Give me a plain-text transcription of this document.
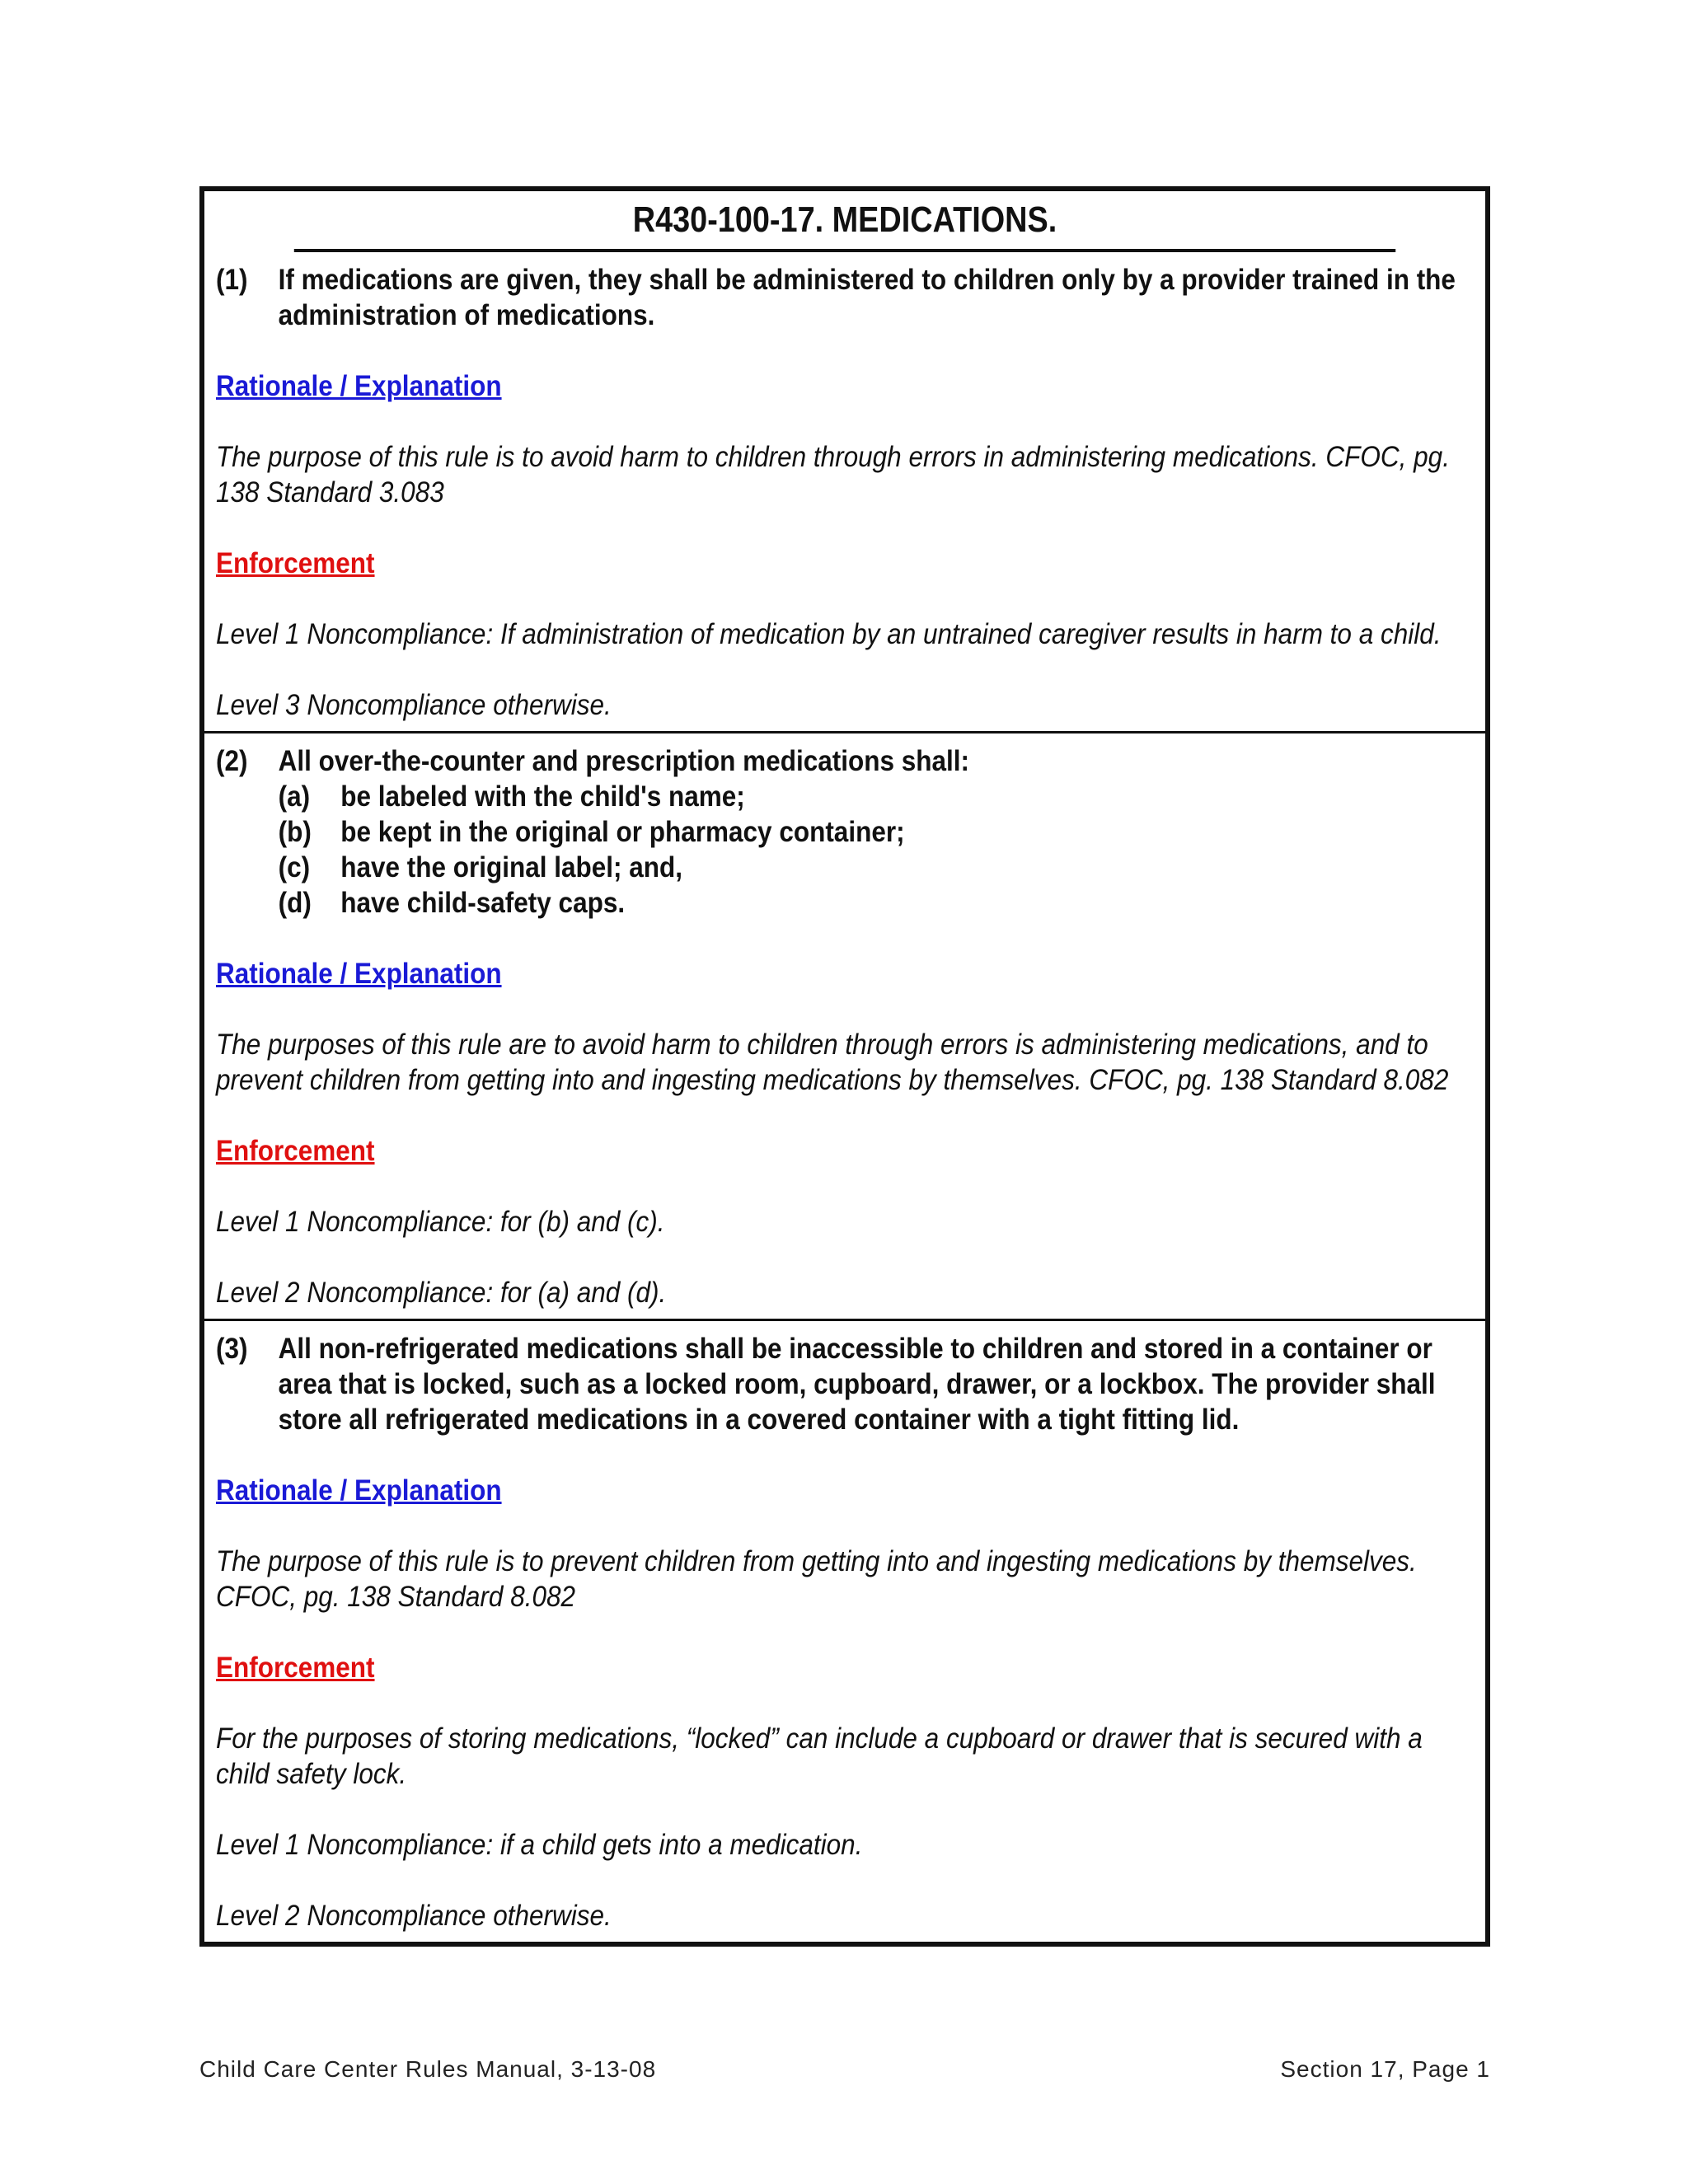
R430-100-17. MEDICATIONS.
(1)	If medications are given, they shall be administered to children only by a provider trained in the administration of medications.
Rationale / Explanation
The purpose of this rule is to avoid harm to children through errors in administering medications. CFOC, pg. 138 Standard 3.083
Enforcement
Level 1 Noncompliance: If administration of medication by an untrained caregiver results in harm to a child.
Level 3 Noncompliance otherwise.
(2)	All over-the-counter and prescription medications shall:
(a)	be labeled with the child's name;
(b)	be kept in the original or pharmacy container;
(c)	have the original label; and,
(d)	have child-safety caps.
Rationale / Explanation
The purposes of this rule are to avoid harm to children through errors is administering medications, and to prevent children from getting into and ingesting medications by themselves. CFOC, pg. 138 Standard 8.082
Enforcement
Level 1 Noncompliance: for (b) and (c).
Level 2 Noncompliance: for (a) and (d).
(3)	All non-refrigerated medications shall be inaccessible to children and stored in a container or area that is locked, such as a locked room, cupboard, drawer, or a lockbox. The provider shall store all refrigerated medications in a covered container with a tight fitting lid.
Rationale / Explanation
The purpose of this rule is to prevent children from getting into and ingesting medications by themselves. CFOC, pg. 138 Standard 8.082
Enforcement
For the purposes of storing medications, “locked” can include a cupboard or drawer that is secured with a child safety lock.
Level 1 Noncompliance: if a child gets into a medication.
Level 2 Noncompliance otherwise.
Child Care Center Rules Manual, 3-13-08	Section 17, Page 1
